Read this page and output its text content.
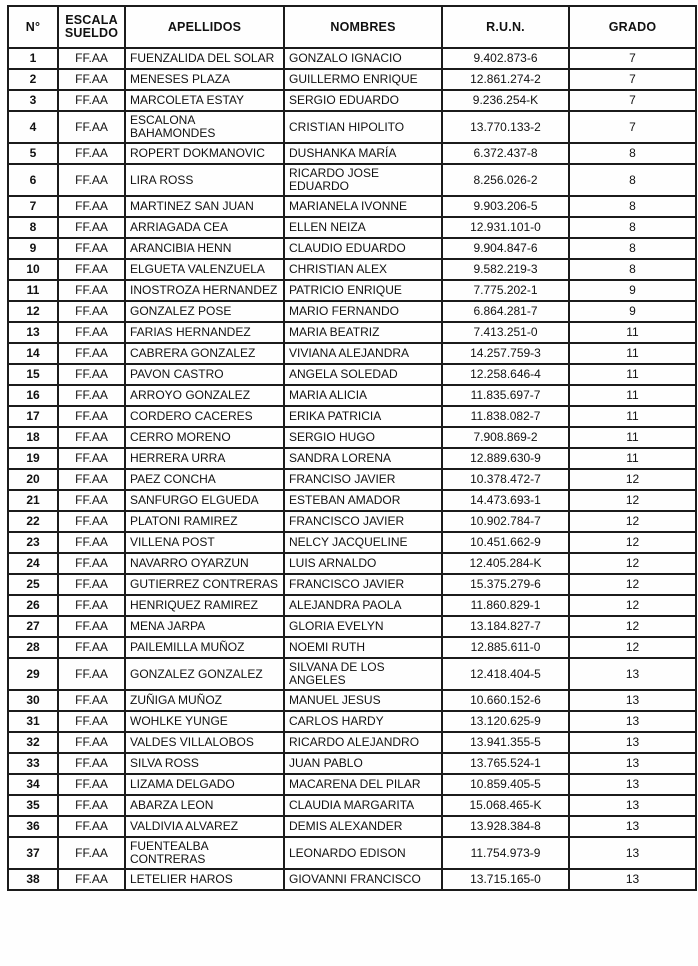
N°	ESCALA SUELDO	APELLIDOS	NOMBRES	R.U.N.	GRADO
1	FF.AA	FUENZALIDA DEL SOLAR	GONZALO IGNACIO	9.402.873-6	7
2	FF.AA	MENESES PLAZA	GUILLERMO ENRIQUE	12.861.274-2	7
3	FF.AA	MARCOLETA ESTAY	SERGIO EDUARDO	9.236.254-K	7
4	FF.AA	ESCALONA BAHAMONDES	CRISTIAN HIPOLITO	13.770.133-2	7
5	FF.AA	ROPERT DOKMANOVIC	DUSHANKA MARÍA	6.372.437-8	8
6	FF.AA	LIRA ROSS	RICARDO JOSE EDUARDO	8.256.026-2	8
7	FF.AA	MARTINEZ SAN JUAN	MARIANELA IVONNE	9.903.206-5	8
8	FF.AA	ARRIAGADA CEA	ELLEN NEIZA	12.931.101-0	8
9	FF.AA	ARANCIBIA HENN	CLAUDIO EDUARDO	9.904.847-6	8
10	FF.AA	ELGUETA VALENZUELA	CHRISTIAN ALEX	9.582.219-3	8
11	FF.AA	INOSTROZA HERNANDEZ	PATRICIO ENRIQUE	7.775.202-1	9
12	FF.AA	GONZALEZ POSE	MARIO FERNANDO	6.864.281-7	9
13	FF.AA	FARIAS HERNANDEZ	MARIA BEATRIZ	7.413.251-0	11
14	FF.AA	CABRERA GONZALEZ	VIVIANA ALEJANDRA	14.257.759-3	11
15	FF.AA	PAVON CASTRO	ANGELA SOLEDAD	12.258.646-4	11
16	FF.AA	ARROYO GONZALEZ	MARIA ALICIA	11.835.697-7	11
17	FF.AA	CORDERO CACERES	ERIKA PATRICIA	11.838.082-7	11
18	FF.AA	CERRO MORENO	SERGIO HUGO	7.908.869-2	11
19	FF.AA	HERRERA URRA	SANDRA LORENA	12.889.630-9	11
20	FF.AA	PAEZ CONCHA	FRANCISO JAVIER	10.378.472-7	12
21	FF.AA	SANFURGO ELGUEDA	ESTEBAN AMADOR	14.473.693-1	12
22	FF.AA	PLATONI RAMIREZ	FRANCISCO JAVIER	10.902.784-7	12
23	FF.AA	VILLENA POST	NELCY JACQUELINE	10.451.662-9	12
24	FF.AA	NAVARRO OYARZUN	LUIS ARNALDO	12.405.284-K	12
25	FF.AA	GUTIERREZ CONTRERAS	FRANCISCO JAVIER	15.375.279-6	12
26	FF.AA	HENRIQUEZ RAMIREZ	ALEJANDRA PAOLA	11.860.829-1	12
27	FF.AA	MENA JARPA	GLORIA EVELYN	13.184.827-7	12
28	FF.AA	PAILEMILLA MUÑOZ	NOEMI RUTH	12.885.611-0	12
29	FF.AA	GONZALEZ GONZALEZ	SILVANA DE LOS ANGELES	12.418.404-5	13
30	FF.AA	ZUÑIGA MUÑOZ	MANUEL JESUS	10.660.152-6	13
31	FF.AA	WOHLKE YUNGE	CARLOS HARDY	13.120.625-9	13
32	FF.AA	VALDES VILLALOBOS	RICARDO ALEJANDRO	13.941.355-5	13
33	FF.AA	SILVA ROSS	JUAN PABLO	13.765.524-1	13
34	FF.AA	LIZAMA DELGADO	MACARENA DEL PILAR	10.859.405-5	13
35	FF.AA	ABARZA LEON	CLAUDIA MARGARITA	15.068.465-K	13
36	FF.AA	VALDIVIA ALVAREZ	DEMIS ALEXANDER	13.928.384-8	13
37	FF.AA	FUENTEALBA CONTRERAS	LEONARDO EDISON	11.754.973-9	13
38	FF.AA	LETELIER HAROS	GIOVANNI FRANCISCO	13.715.165-0	13
